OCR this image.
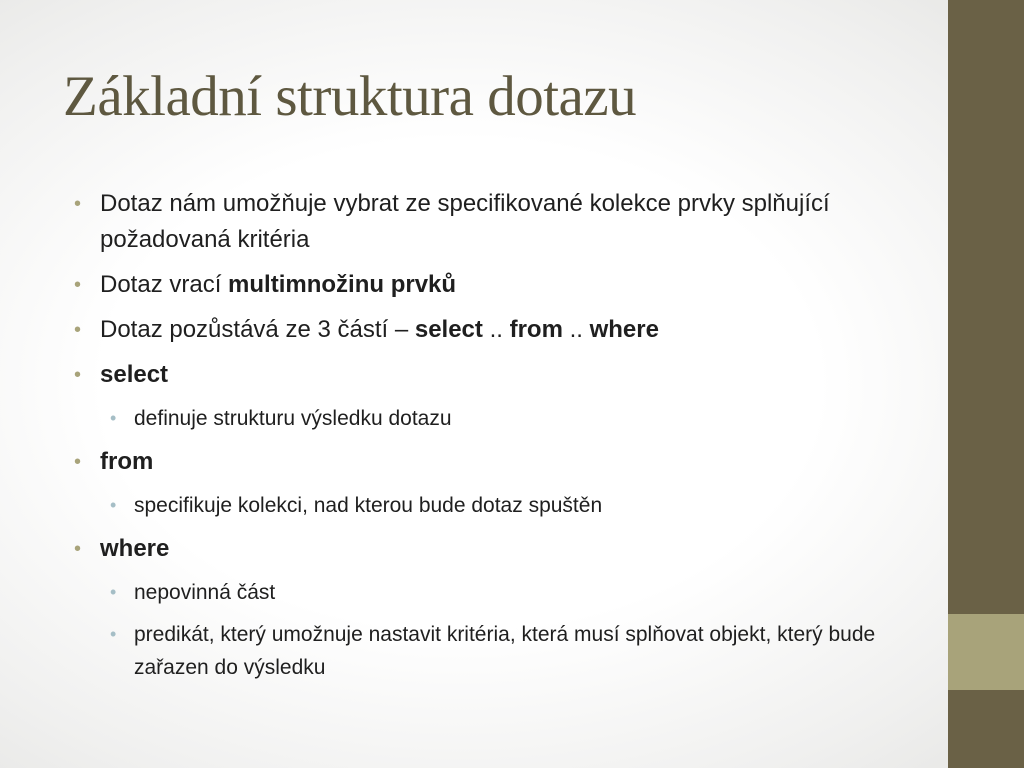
Základní struktura dotazu
• Dotaz nám umožňuje vybrat ze specifikované kolekce prvky splňující požadovaná kritéria
• Dotaz vrací multimnožinu prvků
• Dotaz pozůstává ze 3 částí – select .. from .. where
• select
• definuje strukturu výsledku dotazu
• from
• specifikuje kolekci, nad kterou bude dotaz spuštěn
• where
• nepovinná část
• predikát, který umožnuje nastavit kritéria, která musí splňovat objekt, který bude zařazen do výsledku
